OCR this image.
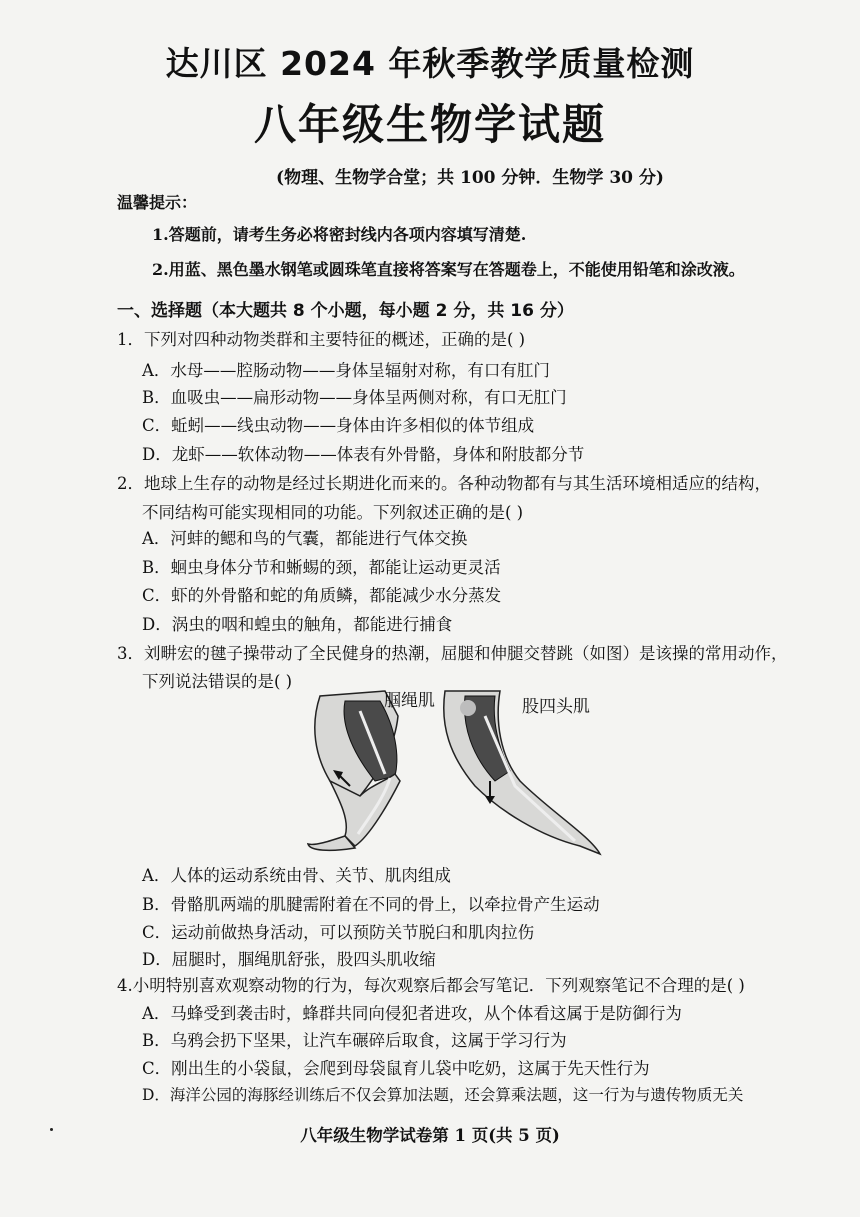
达川区 2024 年秋季教学质量检测
八年级生物学试题
(物理、生物学合堂；共 100 分钟．生物学 30 分)
温馨提示：
1.答题前，请考生务必将密封线内各项内容填写清楚.
2.用蓝、黑色墨水钢笔或圆珠笔直接将答案写在答题卷上，不能使用铅笔和涂改液。
一、选择题（本大题共 8 个小题，每小题 2 分，共 16 分）
1．下列对四种动物类群和主要特征的概述，正确的是( )
A．水母——腔肠动物——身体呈辐射对称，有口有肛门
B．血吸虫——扁形动物——身体呈两侧对称，有口无肛门
C．蚯蚓——线虫动物——身体由许多相似的体节组成
D．龙虾——软体动物——体表有外骨骼，身体和附肢都分节
2．地球上生存的动物是经过长期进化而来的。各种动物都有与其生活环境相适应的结构，
不同结构可能实现相同的功能。下列叙述正确的是( )
A．河蚌的鳃和鸟的气囊，都能进行气体交换
B．蛔虫身体分节和蜥蜴的颈，都能让运动更灵活
C．虾的外骨骼和蛇的角质鳞，都能减少水分蒸发
D．涡虫的咽和蝗虫的触角，都能进行捕食
3．刘畊宏的毽子操带动了全民健身的热潮，屈腿和伸腿交替跳（如图）是该操的常用动作，
下列说法错误的是( )
腘绳肌	股四头肌
A．人体的运动系统由骨、关节、肌肉组成
B．骨骼肌两端的肌腱需附着在不同的骨上，以牵拉骨产生运动
C．运动前做热身活动，可以预防关节脱臼和肌肉拉伤
D．屈腿时，腘绳肌舒张，股四头肌收缩
4.小明特别喜欢观察动物的行为，每次观察后都会写笔记．下列观察笔记不合理的是( )
A．马蜂受到袭击时，蜂群共同向侵犯者进攻，从个体看这属于是防御行为
B．乌鸦会扔下坚果，让汽车碾碎后取食，这属于学习行为
C．刚出生的小袋鼠，会爬到母袋鼠育儿袋中吃奶，这属于先天性行为
D．海洋公园的海豚经训练后不仅会算加法题，还会算乘法题，这一行为与遗传物质无关
八年级生物学试卷第 1 页(共 5 页)
